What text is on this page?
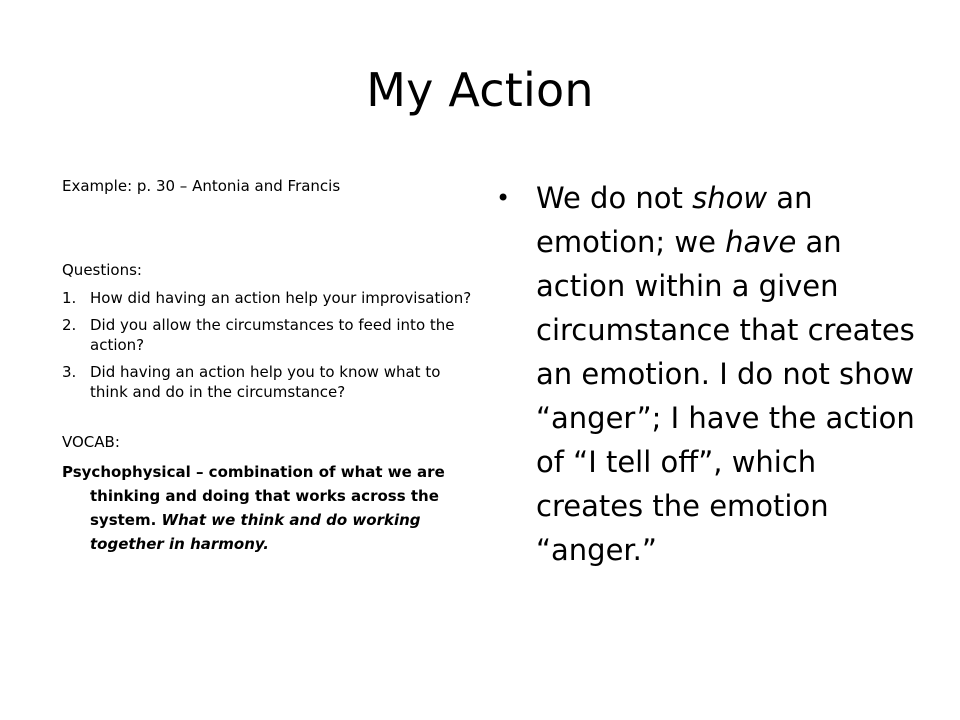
My Action

Example: p. 30 – Antonia and Francis

Questions:

1. How did having an action help your improvisation?
2. Did you allow the circumstances to feed into the action?
3. Did having an action help you to know what to think and do in the circumstance?

VOCAB:

Psychophysical – combination of what we are thinking and doing that works across the system. What we think and do working together in harmony.

• We do not show an emotion; we have an action within a given circumstance that creates an emotion. I do not show “anger”; I have the action of “I tell off”, which creates the emotion “anger.”
